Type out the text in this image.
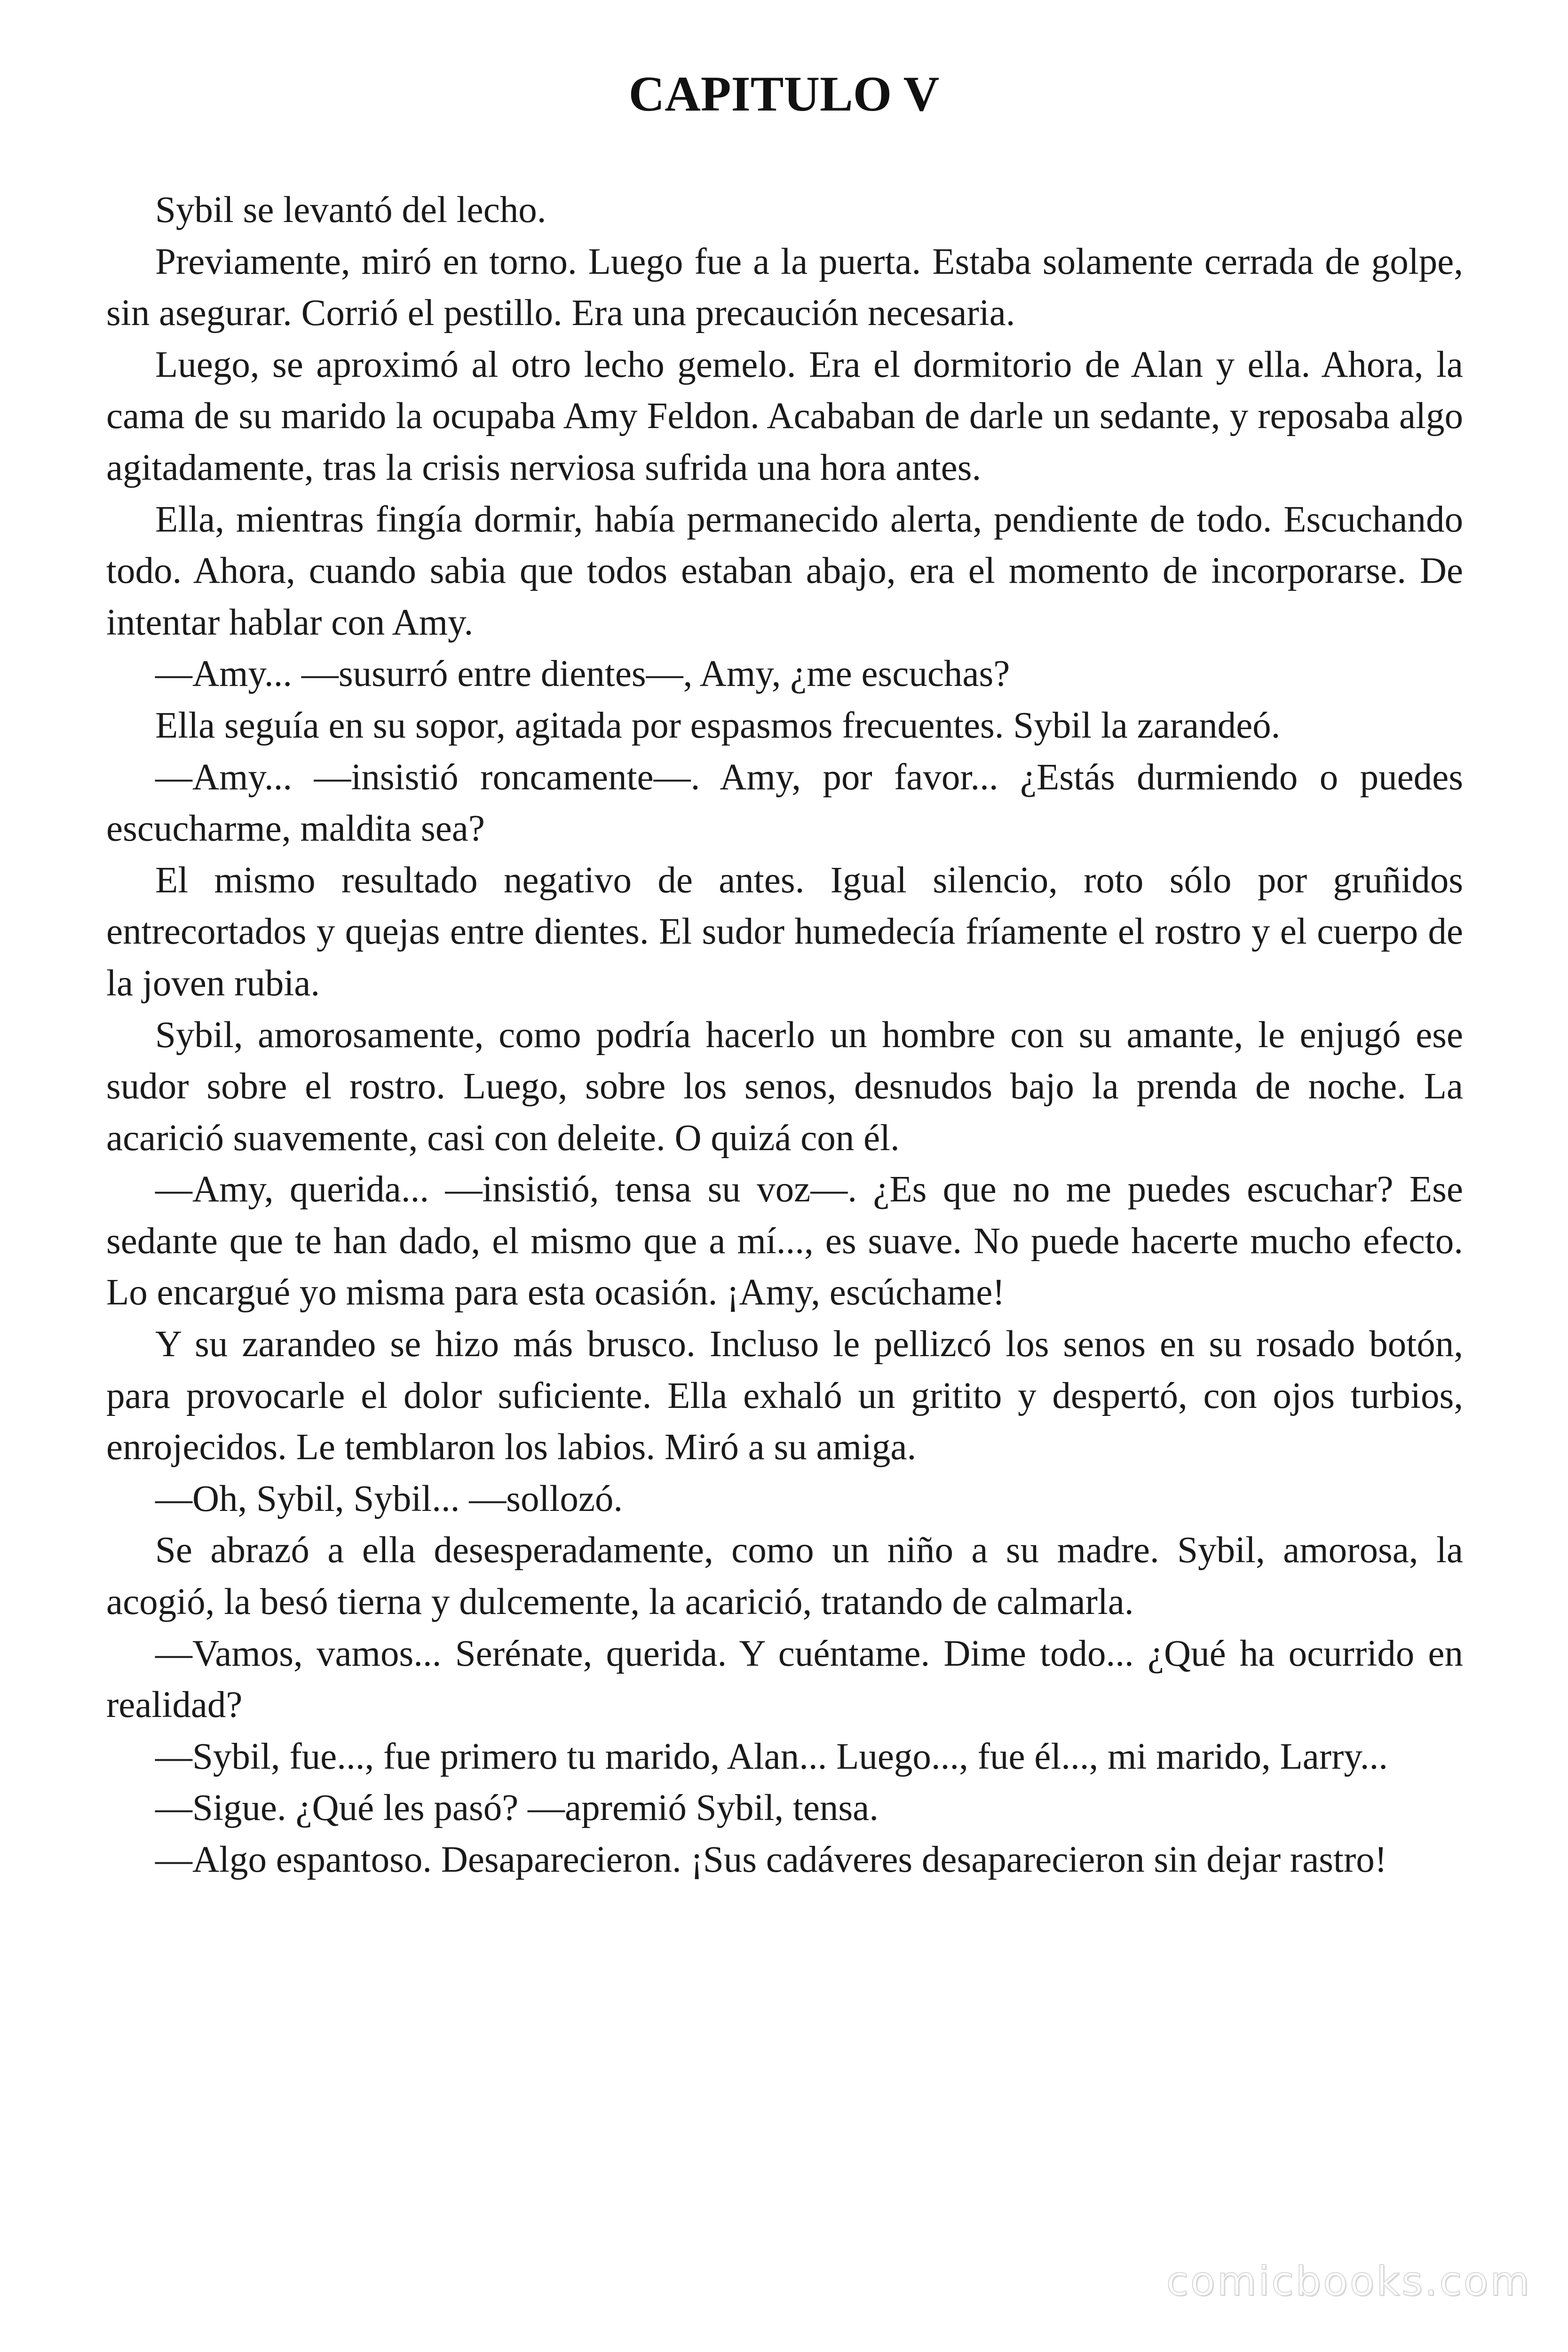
CAPITULO V

Sybil se levantó del lecho.

Previamente, miró en torno. Luego fue a la puerta. Estaba solamente cerrada de golpe, sin asegurar. Corrió el pestillo. Era una precaución necesaria.

Luego, se aproximó al otro lecho gemelo. Era el dormitorio de Alan y ella. Ahora, la cama de su marido la ocupaba Amy Feldon. Acababan de darle un sedante, y reposaba algo agitadamente, tras la crisis nerviosa sufrida una hora antes.

Ella, mientras fingía dormir, había permanecido alerta, pendiente de todo. Escuchando todo. Ahora, cuando sabia que todos estaban abajo, era el momento de incorporarse. De intentar hablar con Amy.

—Amy... —susurró entre dientes—, Amy, ¿me escuchas?

Ella seguía en su sopor, agitada por espasmos frecuentes. Sybil la zarandeó.

—Amy... —insistió roncamente—. Amy, por favor... ¿Estás durmiendo o puedes escucharme, maldita sea?

El mismo resultado negativo de antes. Igual silencio, roto sólo por gruñidos entrecortados y quejas entre dientes. El sudor humedecía fríamente el rostro y el cuerpo de la joven rubia.

Sybil, amorosamente, como podría hacerlo un hombre con su amante, le enjugó ese sudor sobre el rostro. Luego, sobre los senos, desnudos bajo la prenda de noche. La acarició suavemente, casi con deleite. O quizá con él.

—Amy, querida... —insistió, tensa su voz—. ¿Es que no me puedes escuchar? Ese sedante que te han dado, el mismo que a mí..., es suave. No puede hacerte mucho efecto. Lo encargué yo misma para esta ocasión. ¡Amy, escúchame!

Y su zarandeo se hizo más brusco. Incluso le pellizcó los senos en su rosado botón, para provocarle el dolor suficiente. Ella exhaló un gritito y despertó, con ojos turbios, enrojecidos. Le temblaron los labios. Miró a su amiga.

—Oh, Sybil, Sybil... —sollozó.

Se abrazó a ella desesperadamente, como un niño a su madre. Sybil, amorosa, la acogió, la besó tierna y dulcemente, la acarició, tratando de calmarla.

—Vamos, vamos... Serénate, querida. Y cuéntame. Dime todo... ¿Qué ha ocurrido en realidad?

—Sybil, fue..., fue primero tu marido, Alan... Luego..., fue él..., mi marido, Larry...

—Sigue. ¿Qué les pasó? —apremió Sybil, tensa.

—Algo espantoso. Desaparecieron. ¡Sus cadáveres desaparecieron sin dejar rastro!

comicbooks.com
